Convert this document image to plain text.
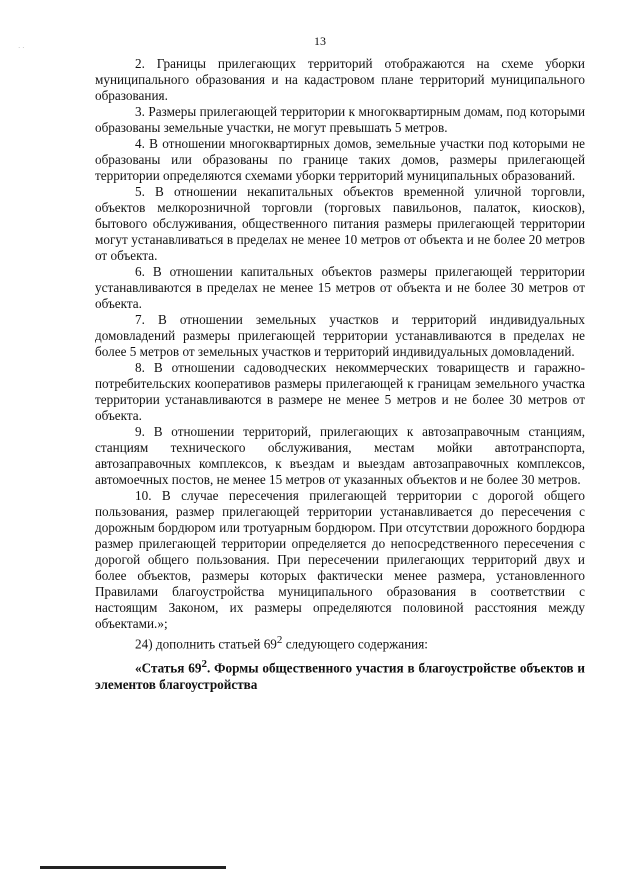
· ·	13

2. Границы прилегающих территорий отображаются на схеме уборки муниципального образования и на кадастровом плане территорий муниципального образования.

3. Размеры прилегающей территории к многоквартирным домам, под которыми образованы земельные участки, не могут превышать 5 метров.

4. В отношении многоквартирных домов, земельные участки под которыми не образованы или образованы по границе таких домов, размеры прилегающей территории определяются схемами уборки территорий муниципальных образований.

5. В отношении некапитальных объектов временной уличной торговли, объектов мелкорозничной торговли (торговых павильонов, палаток, киосков), бытового обслуживания, общественного питания размеры прилегающей территории могут устанавливаться в пределах не менее 10 метров от объекта и не более 20 метров от объекта.

6. В отношении капитальных объектов размеры прилегающей территории устанавливаются в пределах не менее 15 метров от объекта и не более 30 метров от объекта.

7. В отношении земельных участков и территорий индивидуальных домовладений размеры прилегающей территории устанавливаются в пределах не более 5 метров от земельных участков и территорий индивидуальных домовладений.

8. В отношении садоводческих некоммерческих товариществ и гаражно-потребительских кооперативов размеры прилегающей к границам земельного участка территории устанавливаются в размере не менее 5 метров и не более 30 метров от объекта.

9. В отношении территорий, прилегающих к автозаправочным станциям, станциям технического обслуживания, местам мойки автотранспорта, автозаправочных комплексов, к въездам и выездам автозаправочных комплексов, автомоечных постов, не менее 15 метров от указанных объектов и не более 30 метров.

10. В случае пересечения прилегающей территории с дорогой общего пользования, размер прилегающей территории устанавливается до пересечения с дорожным бордюром или тротуарным бордюром. При отсутствии дорожного бордюра размер прилегающей территории определяется до непосредственного пересечения с дорогой общего пользования. При пересечении прилегающих территорий двух и более объектов, размеры которых фактически менее размера, установленного Правилами благоустройства муниципального образования в соответствии с настоящим Законом, их размеры определяются половиной расстояния между объектами.»;

24) дополнить статьей $69^2$ следующего содержания:

«Статья $69^2$. Формы общественного участия в благоустройстве объектов и элементов благоустройства
